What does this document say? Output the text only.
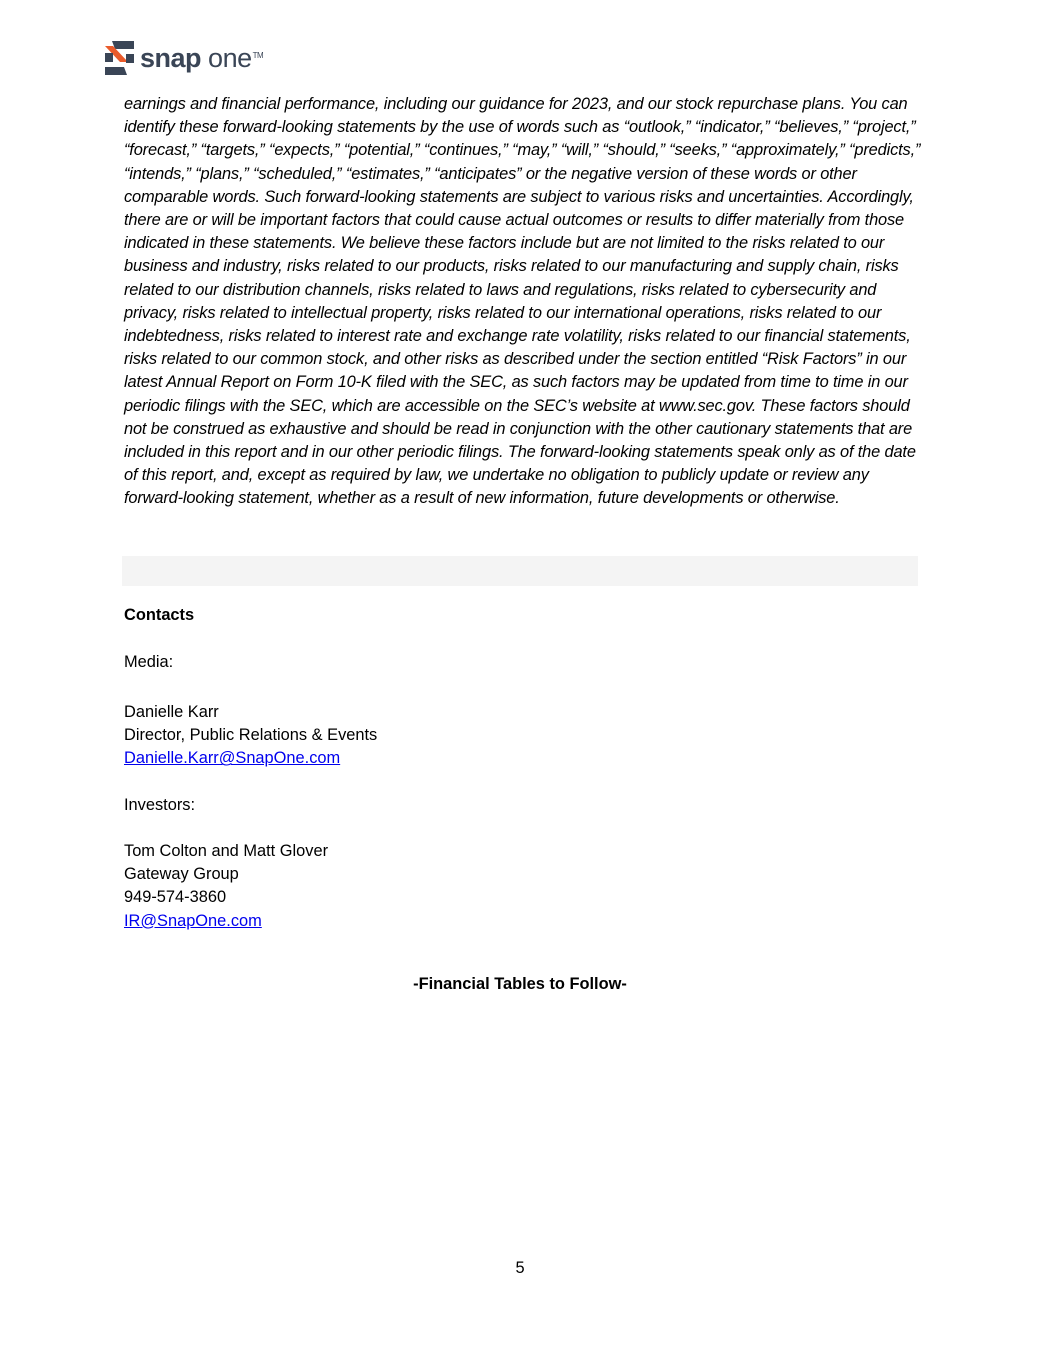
snap one™
earnings and financial performance, including our guidance for 2023, and our stock repurchase plans. You can identify these forward-looking statements by the use of words such as “outlook,” “indicator,” “believes,” “project,” “forecast,” “targets,” “expects,” “potential,” “continues,” “may,” “will,” “should,” “seeks,” “approximately,” “predicts,” “intends,” “plans,” “scheduled,” “estimates,” “anticipates” or the negative version of these words or other comparable words. Such forward-looking statements are subject to various risks and uncertainties. Accordingly, there are or will be important factors that could cause actual outcomes or results to differ materially from those indicated in these statements. We believe these factors include but are not limited to the risks related to our business and industry, risks related to our products, risks related to our manufacturing and supply chain, risks related to our distribution channels, risks related to laws and regulations, risks related to cybersecurity and privacy, risks related to intellectual property, risks related to our international operations, risks related to our indebtedness, risks related to interest rate and exchange rate volatility, risks related to our financial statements, risks related to our common stock, and other risks as described under the section entitled “Risk Factors” in our latest Annual Report on Form 10-K filed with the SEC, as such factors may be updated from time to time in our periodic filings with the SEC, which are accessible on the SEC’s website at www.sec.gov. These factors should not be construed as exhaustive and should be read in conjunction with the other cautionary statements that are included in this report and in our other periodic filings. The forward-looking statements speak only as of the date of this report, and, except as required by law, we undertake no obligation to publicly update or review any forward-looking statement, whether as a result of new information, future developments or otherwise.
Contacts
Media:
Danielle Karr
Director, Public Relations & Events
Danielle.Karr@SnapOne.com
Investors:
Tom Colton and Matt Glover
Gateway Group
949-574-3860
IR@SnapOne.com
-Financial Tables to Follow-
5
